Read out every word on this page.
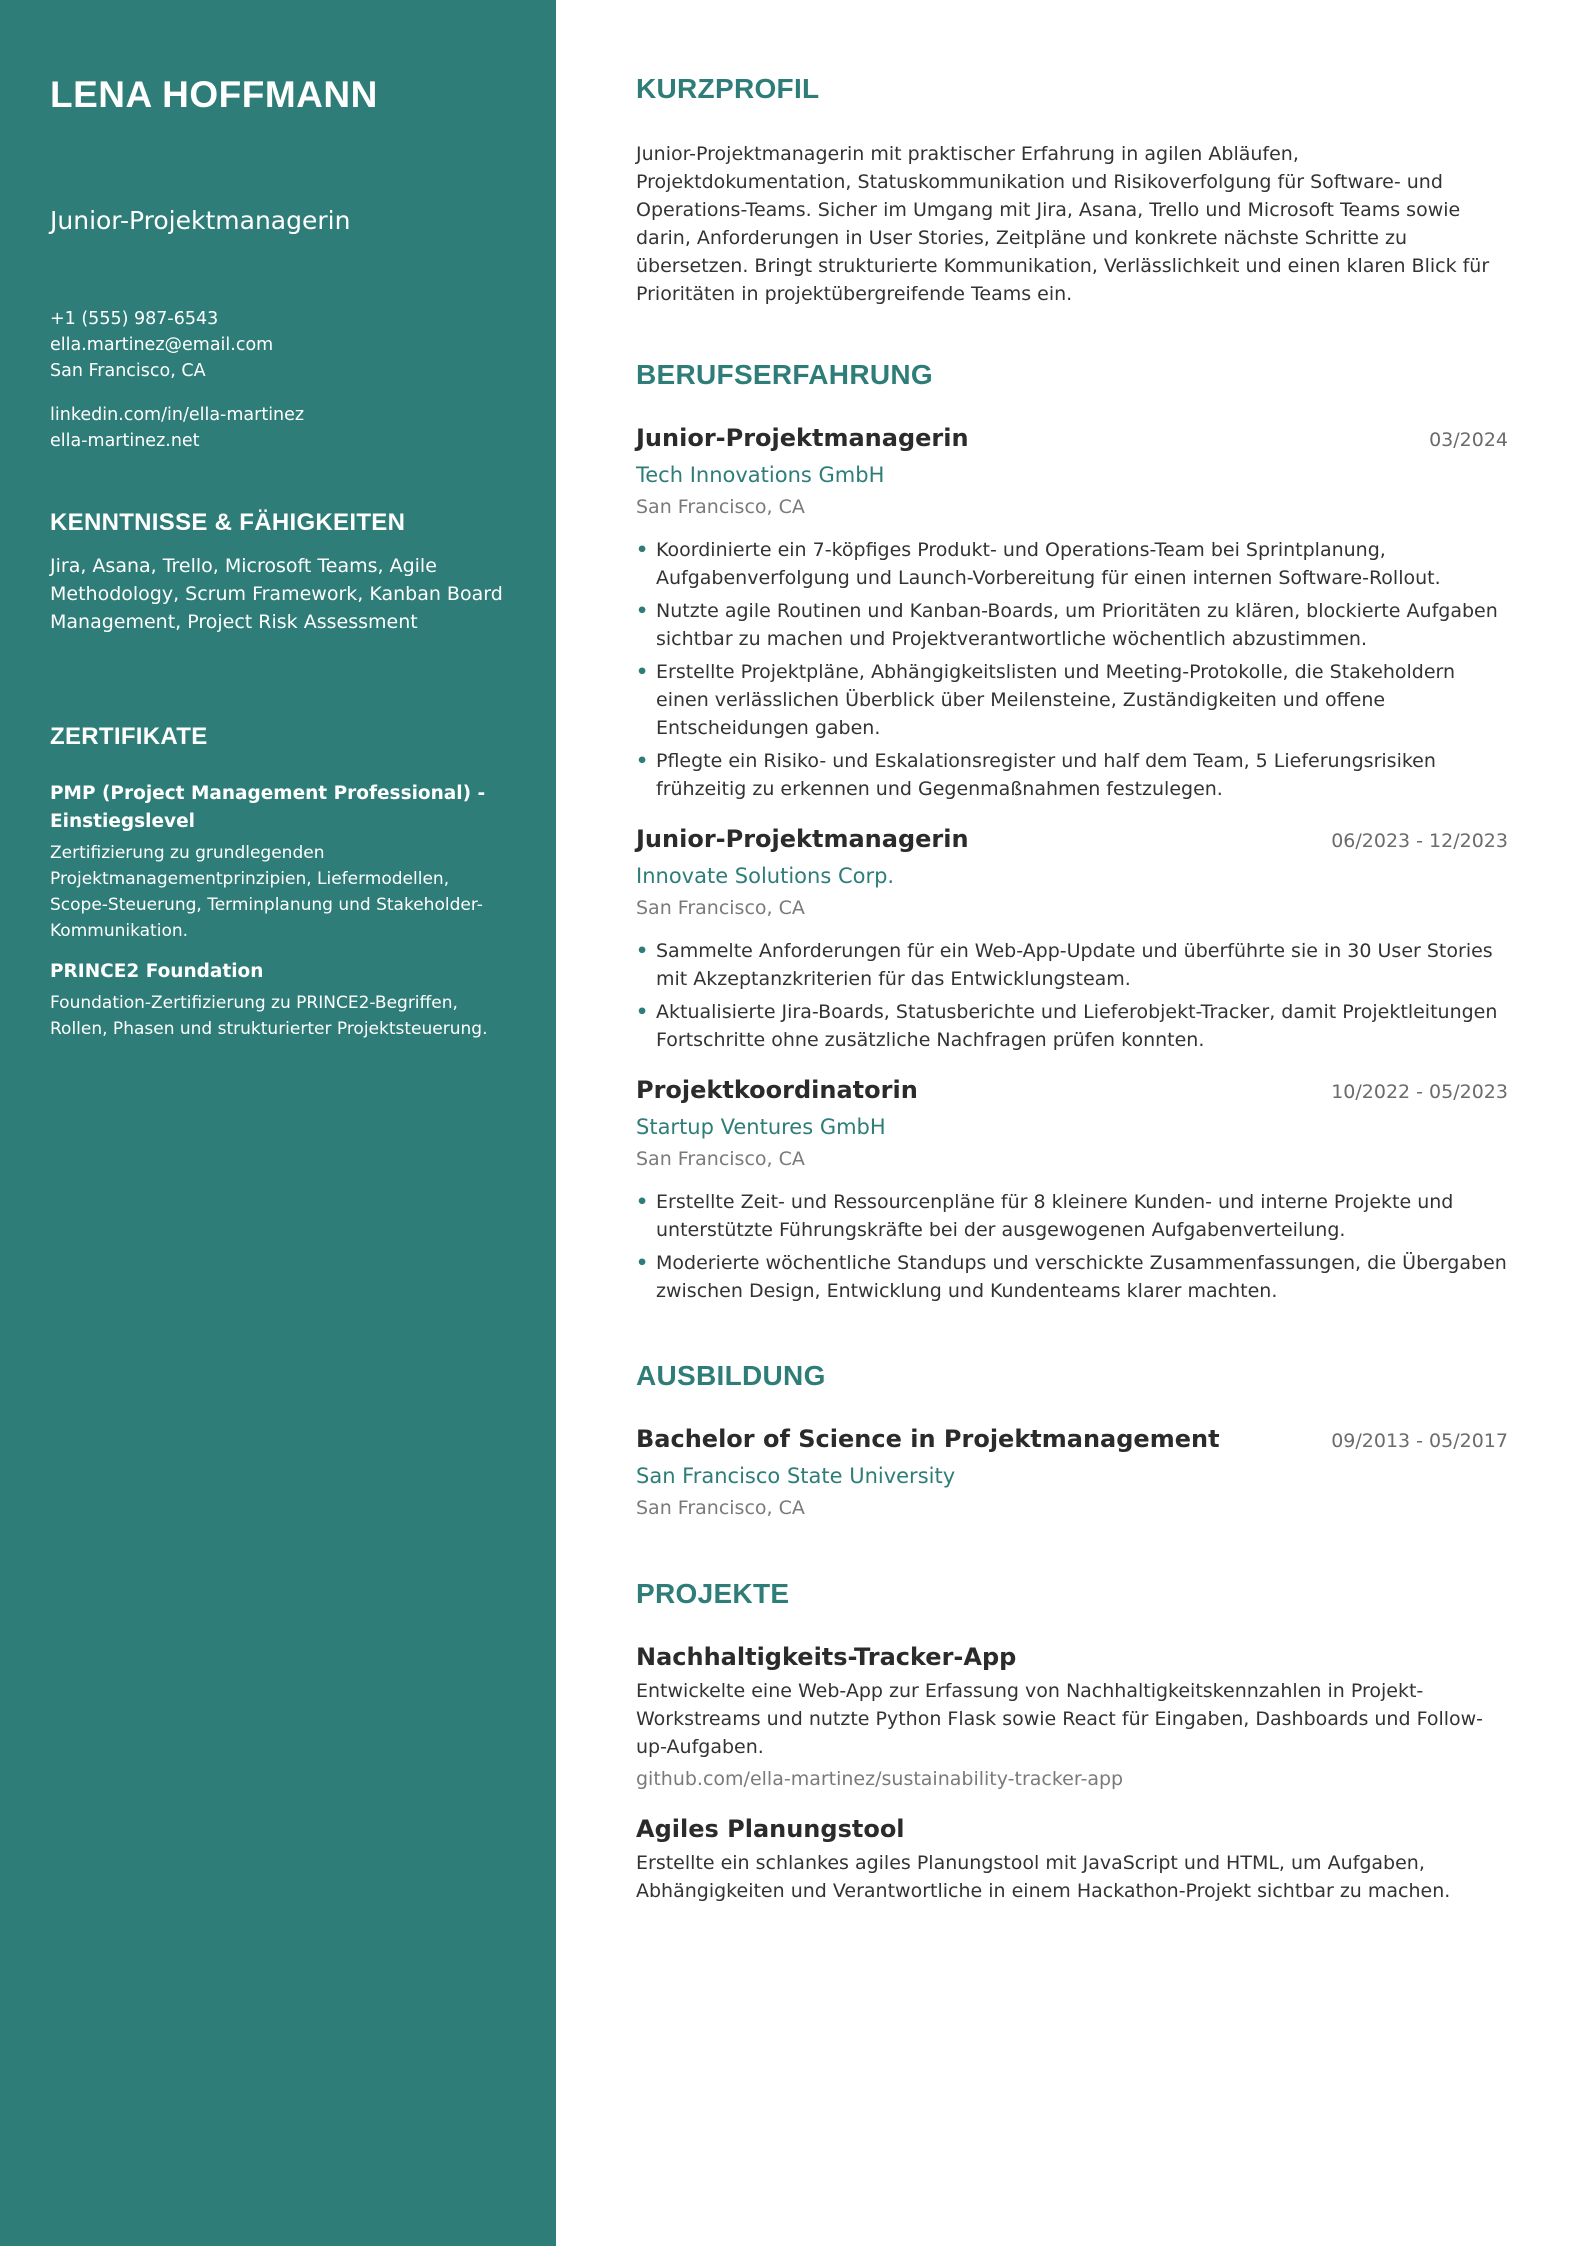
LENA HOFFMANN
Junior-Projektmanagerin
+1 (555) 987-6543
ella.martinez@email.com
San Francisco, CA
linkedin.com/in/ella-martinez
ella-martinez.net
KENNTNISSE & FÄHIGKEITEN
Jira, Asana, Trello, Microsoft Teams, Agile Methodology, Scrum Framework, Kanban Board Management, Project Risk Assessment
ZERTIFIKATE
PMP (Project Management Professional) - Einstiegslevel
Zertifizierung zu grundlegenden Projektmanagementprinzipien, Liefermodellen, Scope-Steuerung, Terminplanung und Stakeholder-Kommunikation.
PRINCE2 Foundation
Foundation-Zertifizierung zu PRINCE2-Begriffen, Rollen, Phasen und strukturierter Projektsteuerung.
KURZPROFIL

Junior-Projektmanagerin mit praktischer Erfahrung in agilen Abläufen, Projektdokumentation, Statuskommunikation und Risikoverfolgung für Software- und Operations-Teams. Sicher im Umgang mit Jira, Asana, Trello und Microsoft Teams sowie darin, Anforderungen in User Stories, Zeitpläne und konkrete nächste Schritte zu übersetzen. Bringt strukturierte Kommunikation, Verlässlichkeit und einen klaren Blick für Prioritäten in projektübergreifende Teams ein.

BERUFSERFAHRUNG
Junior-Projektmanagerin	03/2024
Tech Innovations GmbH
San Francisco, CA
• Koordinierte ein 7-köpfiges Produkt- und Operations-Team bei Sprintplanung, Aufgabenverfolgung und Launch-Vorbereitung für einen internen Software-Rollout.
• Nutzte agile Routinen und Kanban-Boards, um Prioritäten zu klären, blockierte Aufgaben sichtbar zu machen und Projektverantwortliche wöchentlich abzustimmen.
• Erstellte Projektpläne, Abhängigkeitslisten und Meeting-Protokolle, die Stakeholdern einen verlässlichen Überblick über Meilensteine, Zuständigkeiten und offene Entscheidungen gaben.
• Pflegte ein Risiko- und Eskalationsregister und half dem Team, 5 Lieferungsrisiken frühzeitig zu erkennen und Gegenmaßnahmen festzulegen.
Junior-Projektmanagerin	06/2023 - 12/2023
Innovate Solutions Corp.
San Francisco, CA
• Sammelte Anforderungen für ein Web-App-Update und überführte sie in 30 User Stories mit Akzeptanzkriterien für das Entwicklungsteam.
• Aktualisierte Jira-Boards, Statusberichte und Lieferobjekt-Tracker, damit Projektleitungen Fortschritte ohne zusätzliche Nachfragen prüfen konnten.
Projektkoordinatorin	10/2022 - 05/2023
Startup Ventures GmbH
San Francisco, CA
• Erstellte Zeit- und Ressourcenpläne für 8 kleinere Kunden- und interne Projekte und unterstützte Führungskräfte bei der ausgewogenen Aufgabenverteilung.
• Moderierte wöchentliche Standups und verschickte Zusammenfassungen, die Übergaben zwischen Design, Entwicklung und Kundenteams klarer machten.
AUSBILDUNG
Bachelor of Science in Projektmanagement	09/2013 - 05/2017
San Francisco State University
San Francisco, CA
PROJEKTE
Nachhaltigkeits-Tracker-App
Entwickelte eine Web-App zur Erfassung von Nachhaltigkeitskennzahlen in Projekt-Workstreams und nutzte Python Flask sowie React für Eingaben, Dashboards und Follow-up-Aufgaben.
github.com/ella-martinez/sustainability-tracker-app
Agiles Planungstool
Erstellte ein schlankes agiles Planungstool mit JavaScript und HTML, um Aufgaben, Abhängigkeiten und Verantwortliche in einem Hackathon-Projekt sichtbar zu machen.
